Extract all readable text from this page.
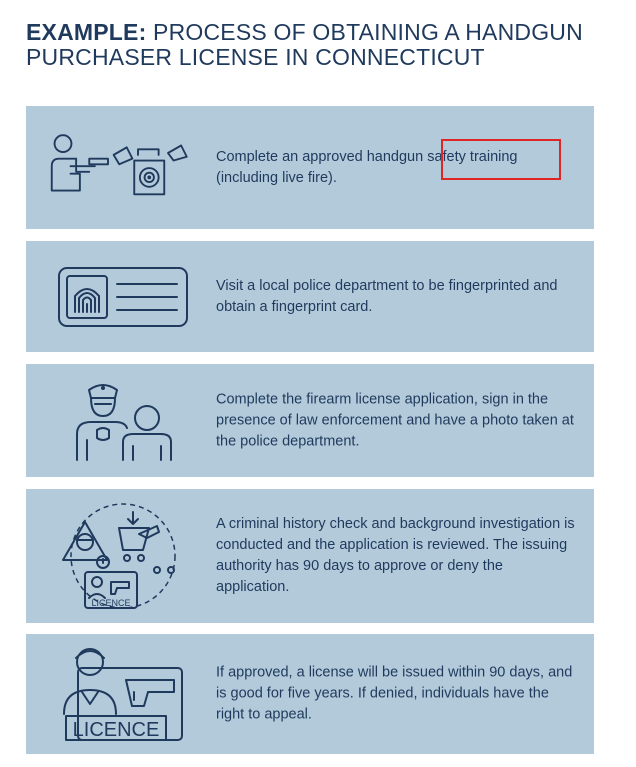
EXAMPLE: PROCESS OF OBTAINING A HANDGUN
PURCHASER LICENSE IN CONNECTICUT
Complete an approved handgun safety training (including live fire).
Visit a local police department to be fingerprinted and obtain a fingerprint card.
Complete the firearm license application, sign in the presence of law enforcement and have a photo taken at the police department.
LICENCE
A criminal history check and background investigation is conducted and the application is reviewed. The issuing authority has 90 days to approve or deny the application.
LICENCE
If approved, a license will be issued within 90 days, and is good for five years. If denied, individuals have the right to appeal.
